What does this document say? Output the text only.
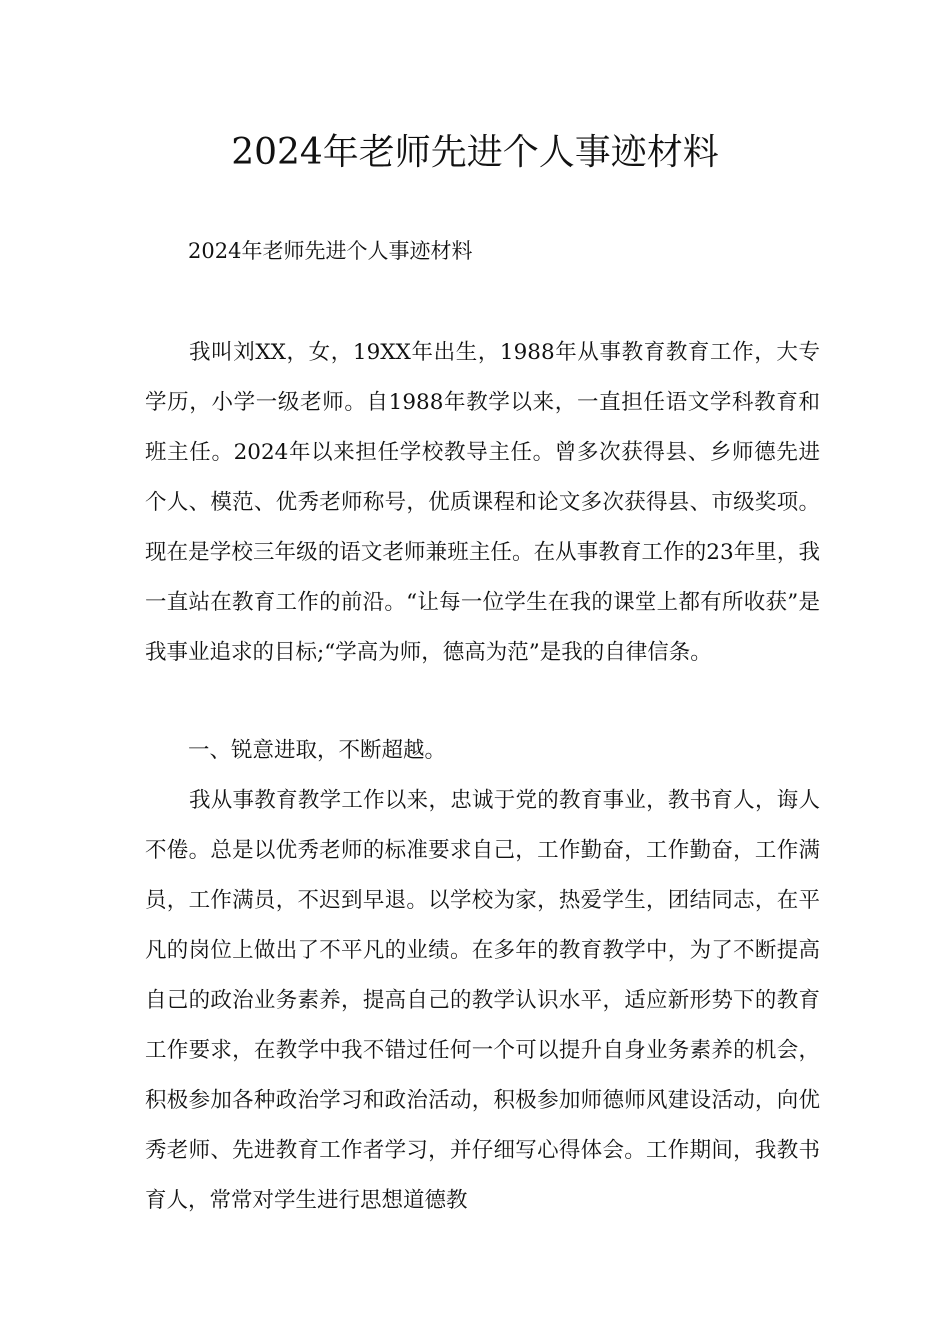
2024年老师先进个人事迹材料

2024年老师先进个人事迹材料

我叫刘XX，女，19XX年出生，1988年从事教育教育工作，大专学历，小学一级老师。自1988年教学以来，一直担任语文学科教育和班主任。2024年以来担任学校教导主任。曾多次获得县、乡师德先进个人、模范、优秀老师称号，优质课程和论文多次获得县、市级奖项。现在是学校三年级的语文老师兼班主任。在从事教育工作的23年里，我一直站在教育工作的前沿。“让每一位学生在我的课堂上都有所收获”是我事业追求的目标;“学高为师，德高为范”是我的自律信条。

一、锐意进取，不断超越。

我从事教育教学工作以来，忠诚于党的教育事业，教书育人，诲人不倦。总是以优秀老师的标准要求自己，工作勤奋，工作勤奋，工作满员，工作满员，不迟到早退。以学校为家，热爱学生，团结同志，在平凡的岗位上做出了不平凡的业绩。在多年的教育教学中，为了不断提高自己的政治业务素养，提高自己的教学认识水平，适应新形势下的教育工作要求，在教学中我不错过任何一个可以提升自身业务素养的机会，积极参加各种政治学习和政治活动，积极参加师德师风建设活动，向优秀老师、先进教育工作者学习，并仔细写心得体会。工作期间，我教书育人，常常对学生进行思想道德教
